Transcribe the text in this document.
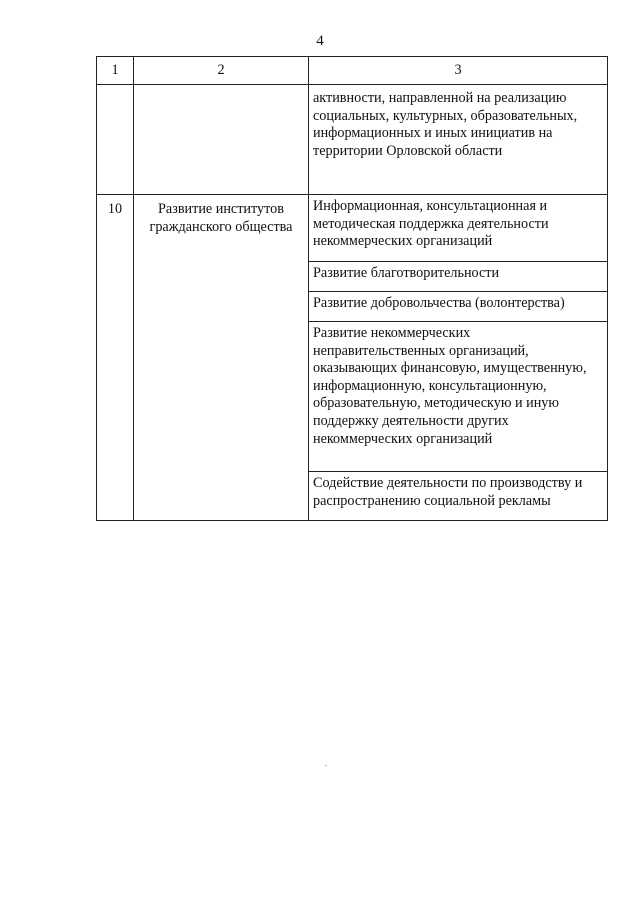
4
1	2	3
		активности, направленной на реализацию социальных, культурных, образовательных, информационных и иных инициатив на территории Орловской области
10	Развитие институтов гражданского общества	Информационная, консультационная и методическая поддержка деятельности некоммерческих организаций
		Развитие благотворительности
		Развитие добровольчества (волонтерства)
		Развитие некоммерческих неправительственных организаций, оказывающих финансовую, имущественную, информационную, консультационную, образовательную, методическую и иную поддержку деятельности других некоммерческих организаций
		Содействие деятельности по производству и распространению социальной рекламы
